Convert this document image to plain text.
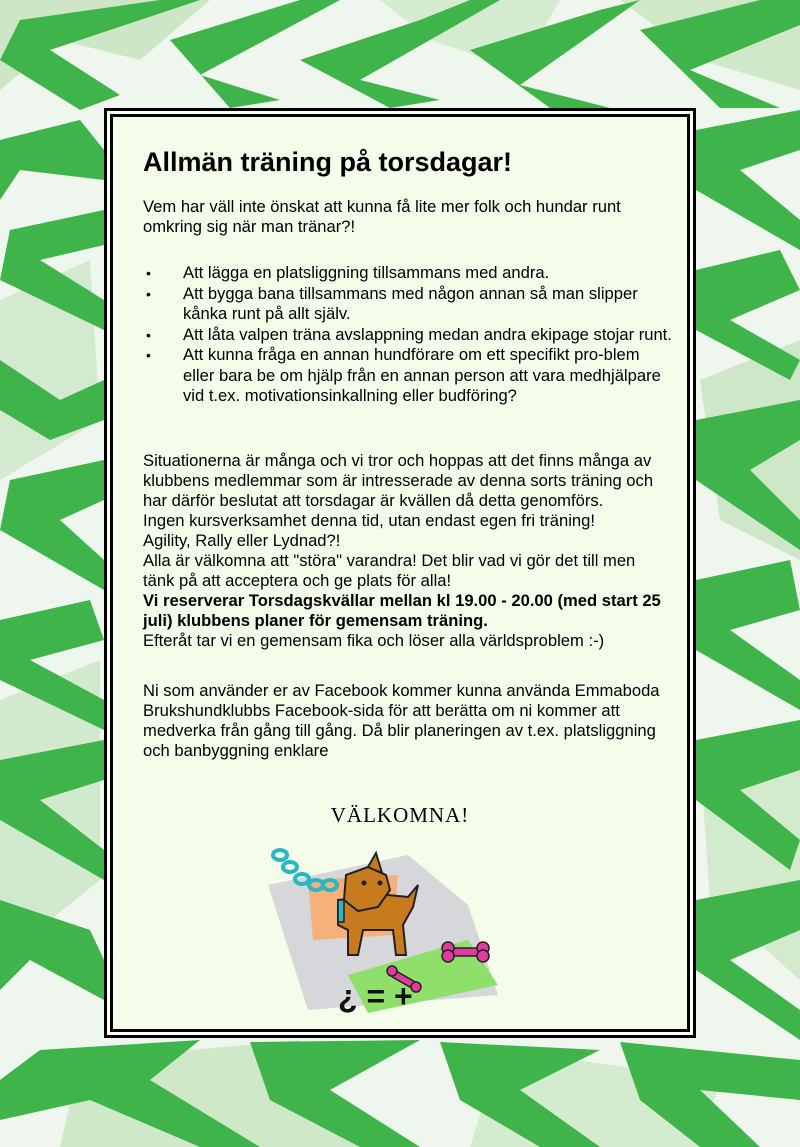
Allmän träning på torsdagar!
Vem har väll inte önskat att kunna få lite mer folk och hundar runt omkring sig när man tränar?!
• Att lägga en platsliggning tillsammans med andra.
• Att bygga bana tillsammans med någon annan så man slipper kånka runt på allt själv.
• Att låta valpen träna avslappning medan andra ekipage stojar runt.
• Att kunna fråga en annan hundförare om ett specifikt pro-blem eller bara be om hjälp från en annan person att vara medhjälpare vid t.ex. motivationsinkallning eller budföring?
Situationerna är många och vi tror och hoppas att det finns många av klubbens medlemmar som är intresserade av denna sorts träning och har därför beslutat att torsdagar är kvällen då detta genomförs.
Ingen kursverksamhet denna tid, utan endast egen fri träning!
Agility, Rally eller Lydnad?!
Alla är välkomna att "störa" varandra! Det blir vad vi gör det till men tänk på att acceptera och ge plats för alla!
Vi reserverar Torsdagskvällar mellan kl 19.00 - 20.00 (med start 25 juli) klubbens planer för gemensam träning.
Efteråt tar vi en gemensam fika och löser alla världsproblem :-)
Ni som använder er av Facebook kommer kunna använda Emmaboda Brukshundklubbs Facebook-sida för att berätta om ni kommer att medverka från gång till gång. Då blir planeringen av t.ex. platsliggning och banbyggning enklare
VÄLKOMNA!
¿ = +
